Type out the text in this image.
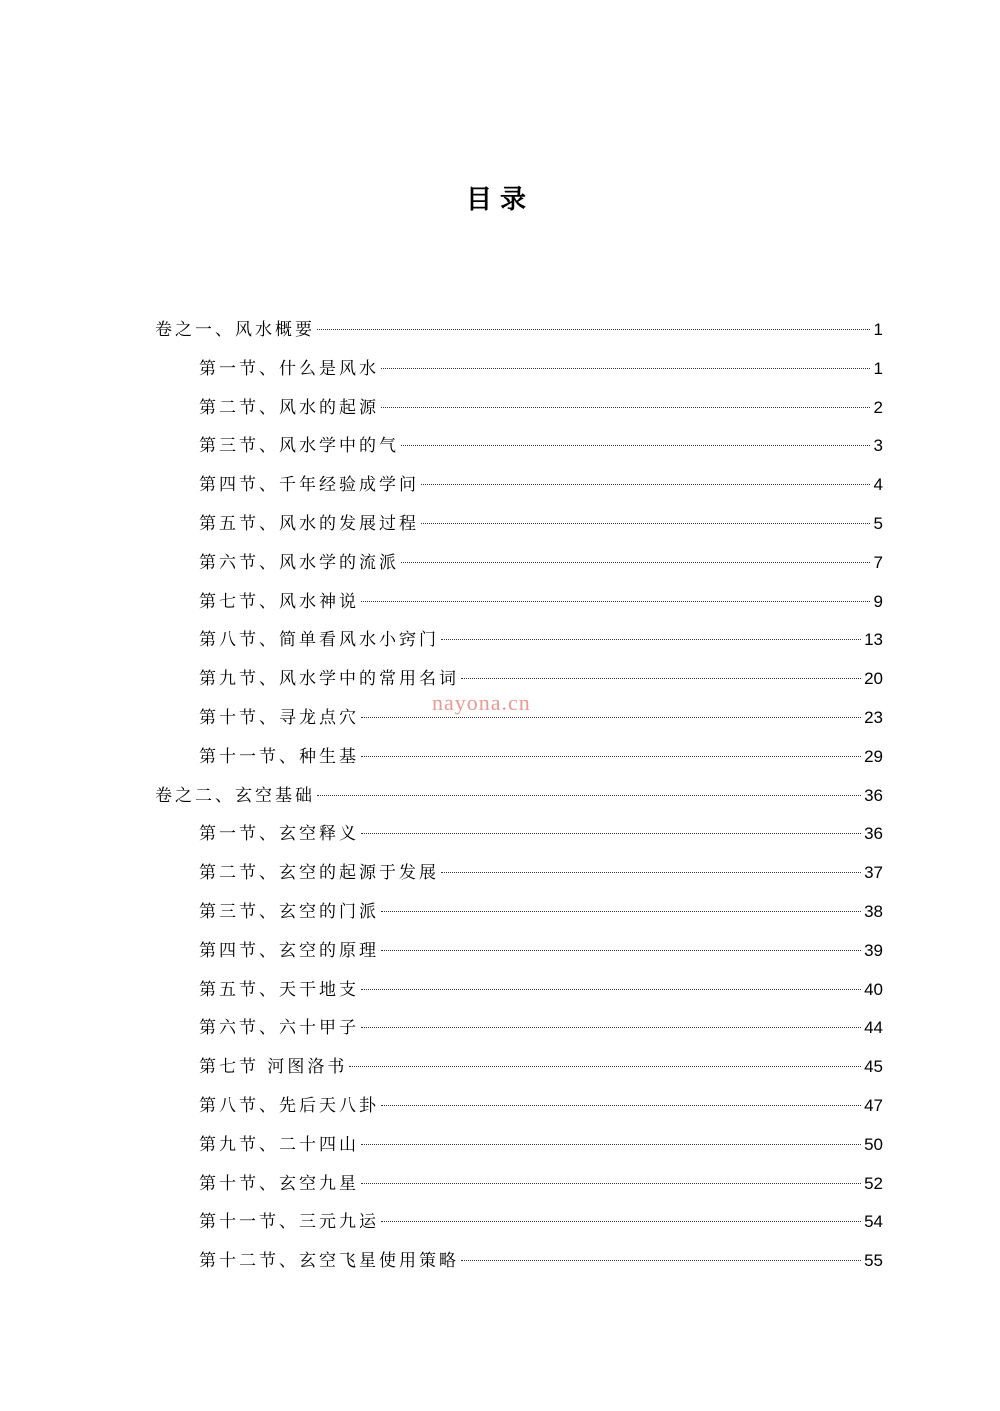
目录
卷之一、风水概要	1
第一节、什么是风水	1
第二节、风水的起源	2
第三节、风水学中的气	3
第四节、千年经验成学问	4
第五节、风水的发展过程	5
第六节、风水学的流派	7
第七节、风水神说	9
第八节、简单看风水小窍门	13
第九节、风水学中的常用名词	20
第十节、寻龙点穴	23
第十一节、种生基	29
卷之二、玄空基础	36
第一节、玄空释义	36
第二节、玄空的起源于发展	37
第三节、玄空的门派	38
第四节、玄空的原理	39
第五节、天干地支	40
第六节、六十甲子	44
第七节 河图洛书	45
第八节、先后天八卦	47
第九节、二十四山	50
第十节、玄空九星	52
第十一节、三元九运	54
第十二节、玄空飞星使用策略	55
nayona.cn
